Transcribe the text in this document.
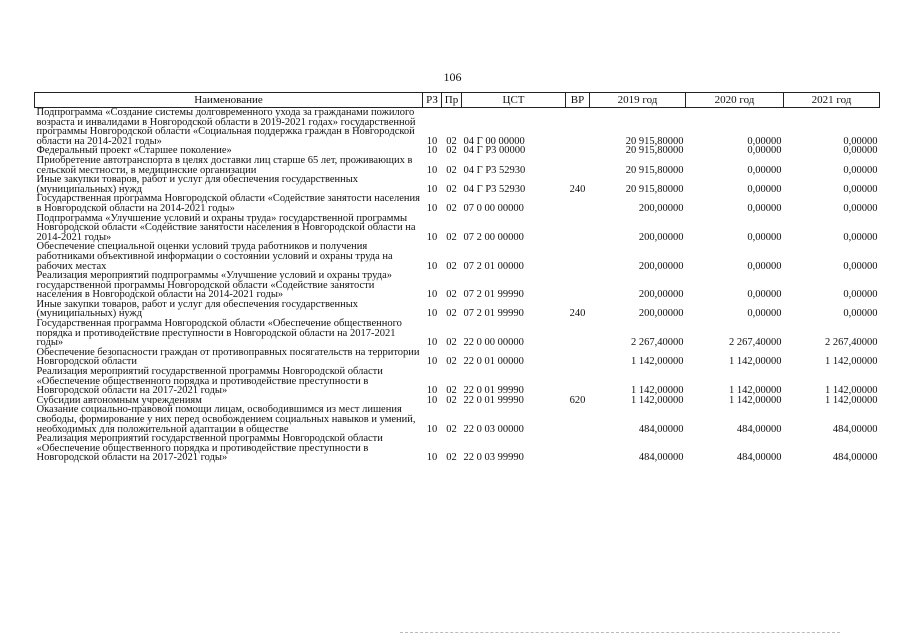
106
Наименование	РЗ	Пр	ЦСТ	ВР	2019 год	2020 год	2021 год
Подпрограмма «Создание системы долговременного ухода за гражданами пожилого возраста и инвалидами в Новгородской области в 2019-2021 годах» государственной программы Новгородской области «Социальная поддержка граждан в Новгородской области на 2014-2021 годы»	10	02	04 Г 00 00000		20 915,80000	0,00000	0,00000
Федеральный проект «Старшее поколение»	10	02	04 Г Р3 00000		20 915,80000	0,00000	0,00000
Приобретение автотранспорта в целях доставки лиц старше 65 лет, проживающих в сельской местности, в медицинские организации	10	02	04 Г Р3 52930		20 915,80000	0,00000	0,00000
Иные закупки товаров, работ и услуг для обеспечения государственных (муниципальных) нужд	10	02	04 Г Р3 52930	240	20 915,80000	0,00000	0,00000
Государственная программа Новгородской области «Содействие занятости населения в Новгородской области на 2014-2021 годы»	10	02	07 0 00 00000		200,00000	0,00000	0,00000
Подпрограмма «Улучшение условий и охраны труда» государственной программы Новгородской области «Содействие занятости населения в Новгородской области на 2014-2021 годы»	10	02	07 2 00 00000		200,00000	0,00000	0,00000
Обеспечение специальной оценки условий труда работников и получения работниками объективной информации о состоянии условий и охраны труда на рабочих местах	10	02	07 2 01 00000		200,00000	0,00000	0,00000
Реализация мероприятий подпрограммы «Улучшение условий и охраны труда» государственной программы Новгородской области «Содействие занятости населения в Новгородской области на 2014-2021 годы»	10	02	07 2 01 99990		200,00000	0,00000	0,00000
Иные закупки товаров, работ и услуг для обеспечения государственных (муниципальных) нужд	10	02	07 2 01 99990	240	200,00000	0,00000	0,00000
Государственная программа Новгородской области «Обеспечение общественного порядка и противодействие преступности в Новгородской области на 2017-2021 годы»	10	02	22 0 00 00000		2 267,40000	2 267,40000	2 267,40000
Обеспечение безопасности граждан от противоправных посягательств на территории Новгородской области	10	02	22 0 01 00000		1 142,00000	1 142,00000	1 142,00000
Реализация мероприятий государственной программы Новгородской области «Обеспечение общественного порядка и противодействие преступности в Новгородской области на 2017-2021 годы»	10	02	22 0 01 99990		1 142,00000	1 142,00000	1 142,00000
Субсидии автономным учреждениям	10	02	22 0 01 99990	620	1 142,00000	1 142,00000	1 142,00000
Оказание социально-правовой помощи лицам, освободившимся из мест лишения свободы, формирование у них перед освобождением социальных навыков и умений, необходимых для положительной адаптации в обществе	10	02	22 0 03 00000		484,00000	484,00000	484,00000
Реализация мероприятий государственной программы Новгородской области «Обеспечение общественного порядка и противодействие преступности в Новгородской области на 2017-2021 годы»	10	02	22 0 03 99990		484,00000	484,00000	484,00000
